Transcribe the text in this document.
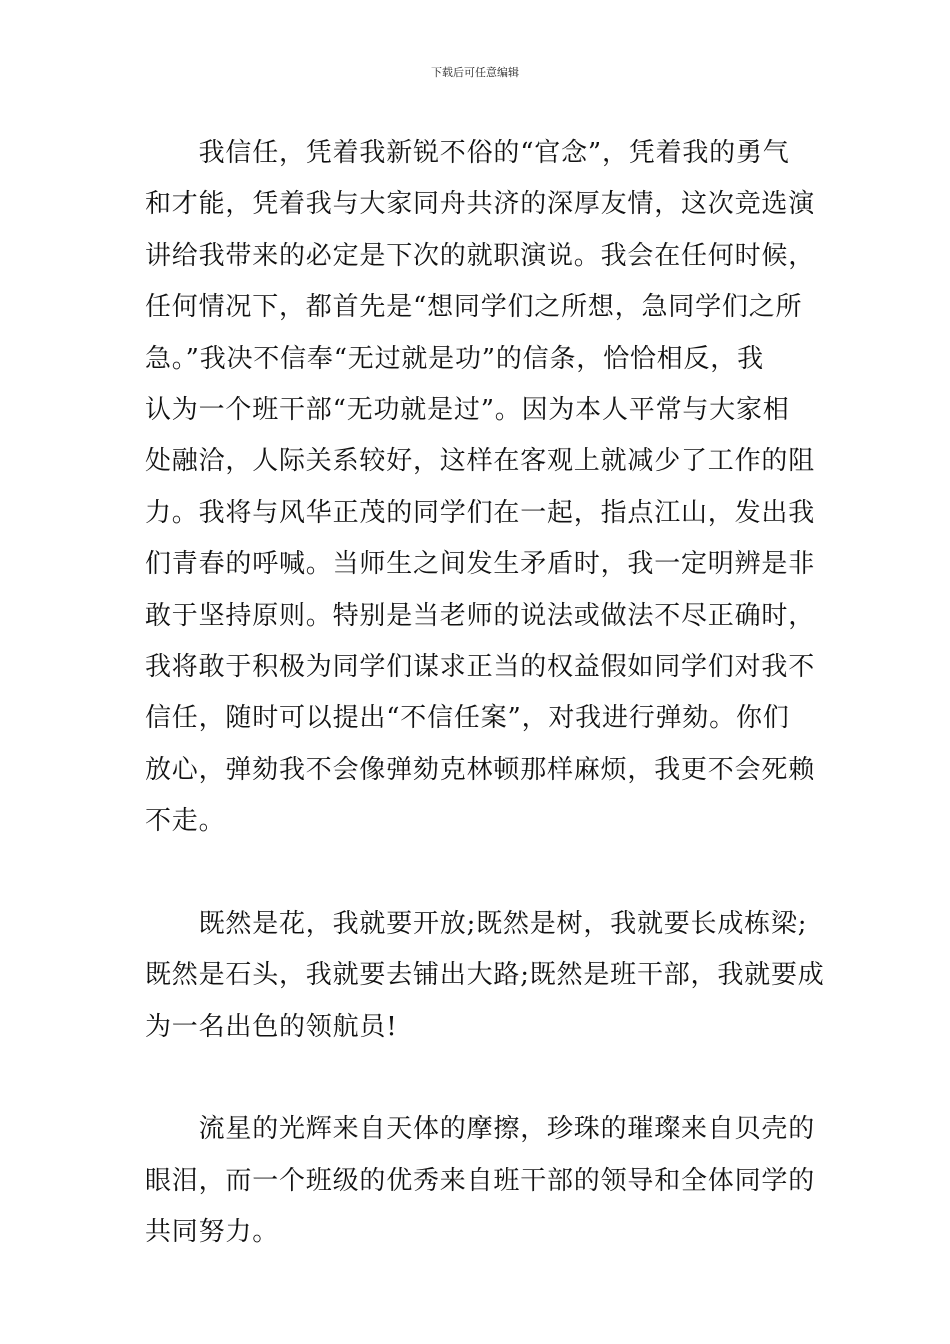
下载后可任意编辑

　　我信任，凭着我新锐不俗的“官念”，凭着我的勇气
和才能，凭着我与大家同舟共济的深厚友情，这次竞选演
讲给我带来的必定是下次的就职演说。我会在任何时候，
任何情况下，都首先是“想同学们之所想，急同学们之所
急。”我决不信奉“无过就是功”的信条，恰恰相反，我
认为一个班干部“无功就是过”。因为本人平常与大家相
处融洽，人际关系较好，这样在客观上就减少了工作的阻
力。我将与风华正茂的同学们在一起，指点江山，发出我
们青春的呼喊。当师生之间发生矛盾时，我一定明辨是非
敢于坚持原则。特别是当老师的说法或做法不尽正确时，
我将敢于积极为同学们谋求正当的权益假如同学们对我不
信任，随时可以提出“不信任案”，对我进行弹劾。你们
放心，弹劾我不会像弹劾克林顿那样麻烦，我更不会死赖
不走。

　　既然是花，我就要开放;既然是树，我就要长成栋梁;
既然是石头，我就要去铺出大路;既然是班干部，我就要成
为一名出色的领航员!

　　流星的光辉来自天体的摩擦，珍珠的璀璨来自贝壳的
眼泪，而一个班级的优秀来自班干部的领导和全体同学的
共同努力。
